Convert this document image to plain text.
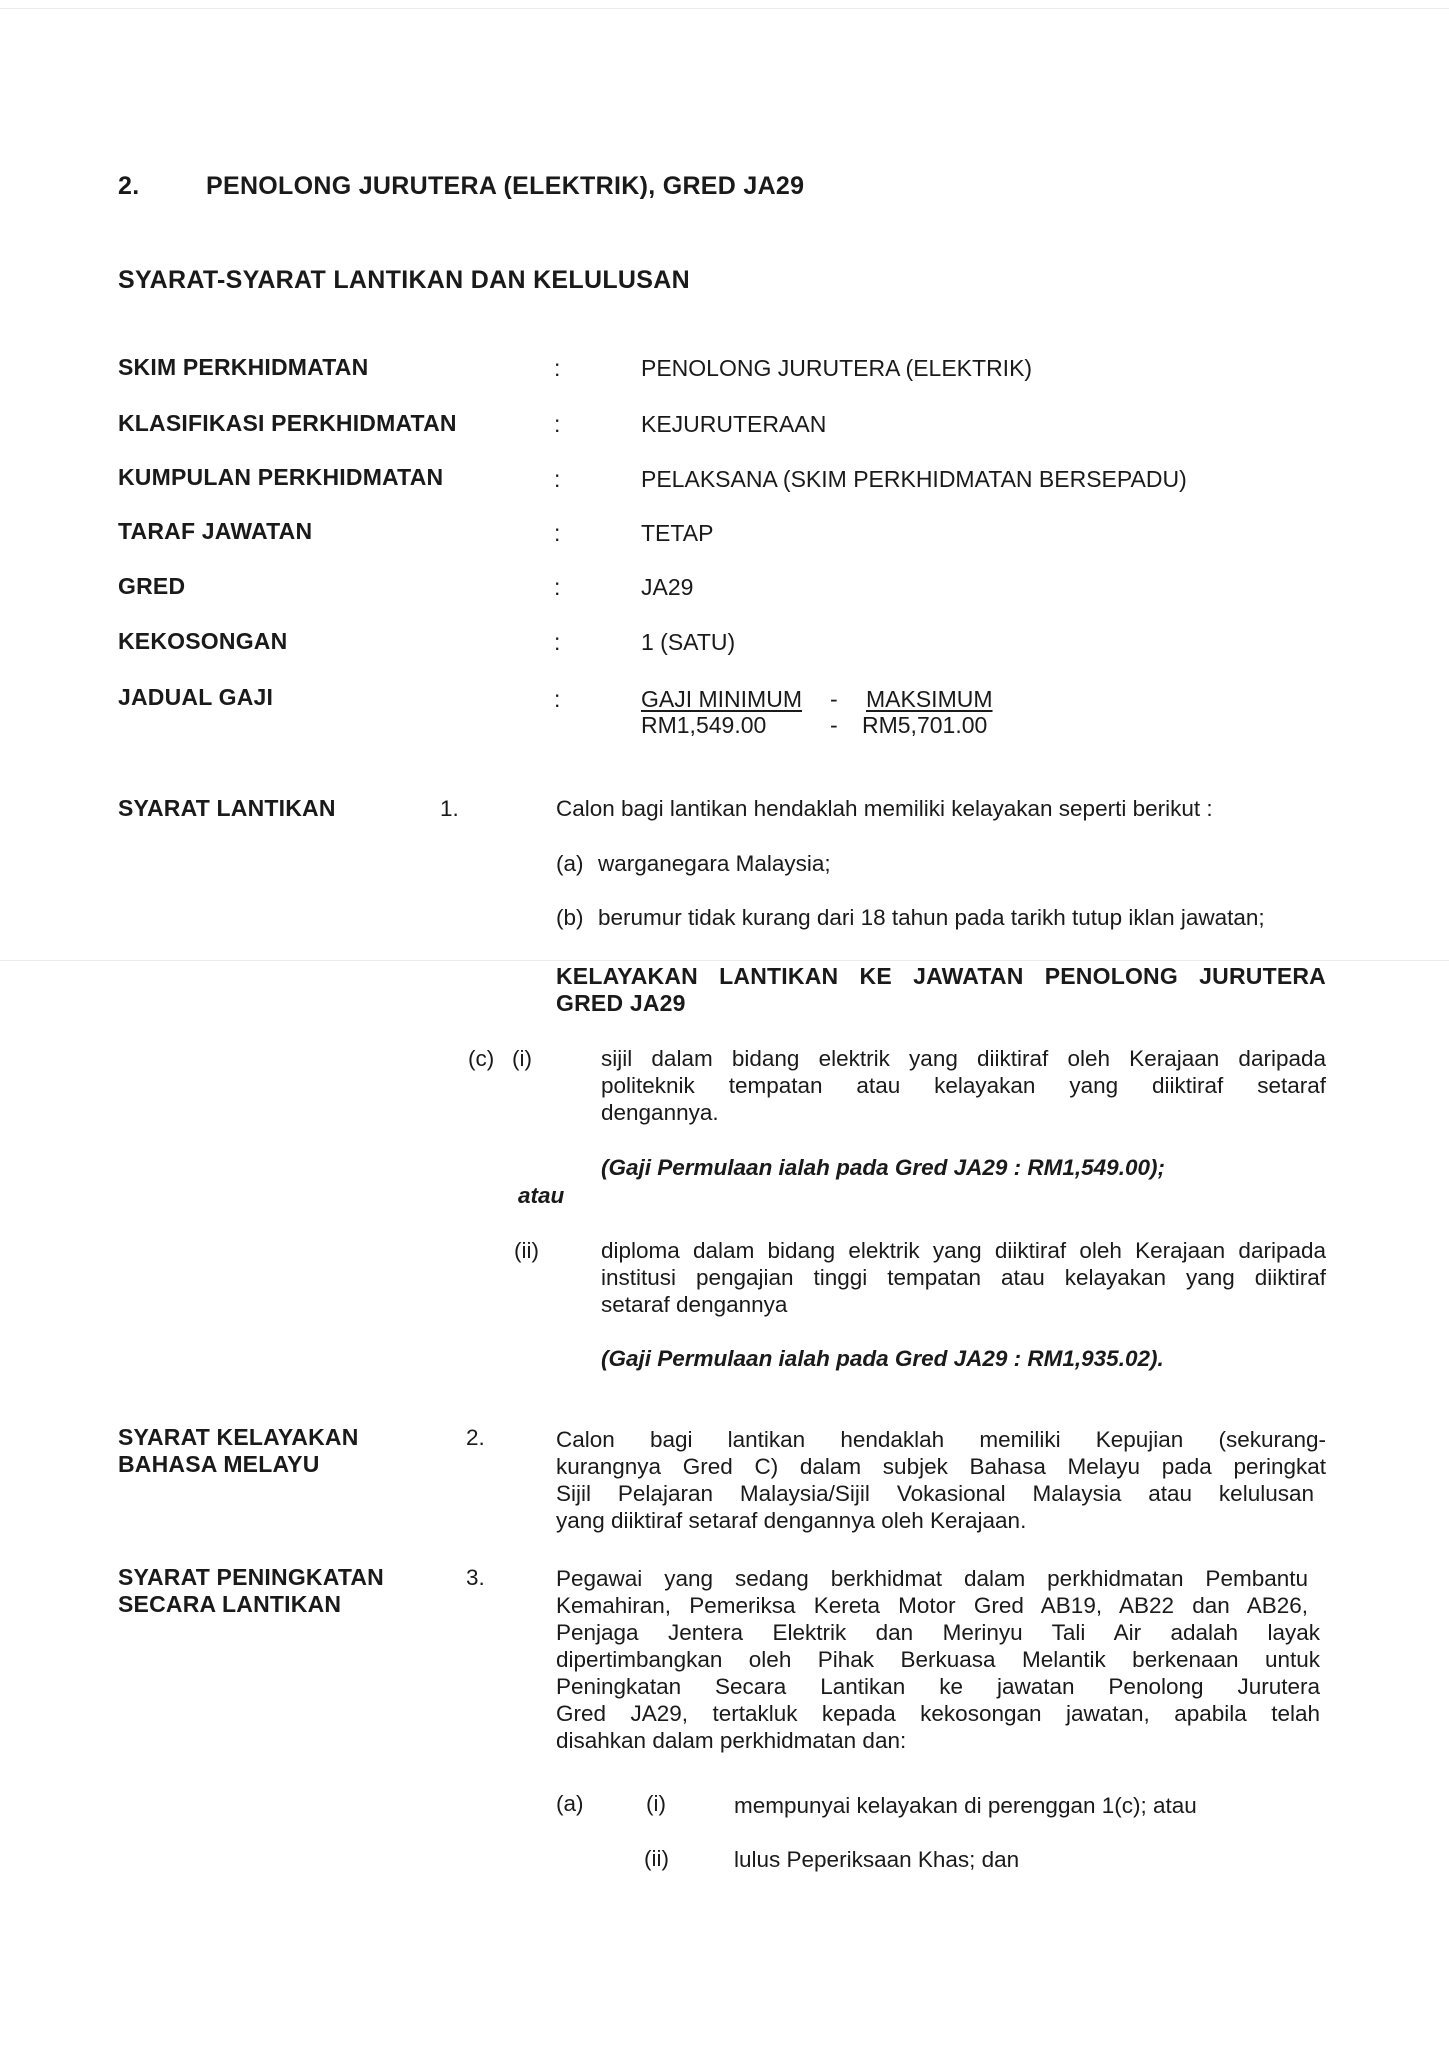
2.	PENOLONG JURUTERA (ELEKTRIK), GRED JA29
SYARAT-SYARAT LANTIKAN DAN KELULUSAN
SKIM PERKHIDMATAN	:	PENOLONG JURUTERA (ELEKTRIK)
KLASIFIKASI PERKHIDMATAN	:	KEJURUTERAAN
KUMPULAN PERKHIDMATAN	:	PELAKSANA (SKIM PERKHIDMATAN BERSEPADU)
TARAF JAWATAN	:	TETAP
GRED	:	JA29
KEKOSONGAN	:	1 (SATU)
JADUAL GAJI	:	GAJI MINIMUM - MAKSIMUM
RM1,549.00	- RM5,701.00
SYARAT LANTIKAN	1.	Calon bagi lantikan hendaklah memiliki kelayakan seperti berikut :
(a) warganegara Malaysia;
(b) berumur tidak kurang dari 18 tahun pada tarikh tutup iklan jawatan;
KELAYAKAN LANTIKAN KE JAWATAN PENOLONG JURUTERA
GRED JA29
(c) (i)	sijil dalam bidang elektrik yang diiktiraf oleh Kerajaan daripada
politeknik tempatan atau kelayakan yang diiktiraf setaraf
dengannya.
(Gaji Permulaan ialah pada Gred JA29 : RM1,549.00);
atau
(ii)	diploma dalam bidang elektrik yang diiktiraf oleh Kerajaan daripada
institusi pengajian tinggi tempatan atau kelayakan yang diiktiraf
setaraf dengannya
(Gaji Permulaan ialah pada Gred JA29 : RM1,935.02).
SYARAT KELAYAKAN
BAHASA MELAYU
2.	Calon bagi lantikan hendaklah memiliki Kepujian (sekurang-
kurangnya Gred C) dalam subjek Bahasa Melayu pada peringkat
Sijil Pelajaran Malaysia/Sijil Vokasional Malaysia atau kelulusan
yang diiktiraf setaraf dengannya oleh Kerajaan.
SYARAT PENINGKATAN
SECARA LANTIKAN
3.	Pegawai yang sedang berkhidmat dalam perkhidmatan Pembantu
Kemahiran, Pemeriksa Kereta Motor Gred AB19, AB22 dan AB26,
Penjaga Jentera Elektrik dan Merinyu Tali Air adalah layak
dipertimbangkan oleh Pihak Berkuasa Melantik berkenaan untuk
Peningkatan Secara Lantikan ke jawatan Penolong Jurutera
Gred JA29, tertakluk kepada kekosongan jawatan, apabila telah
disahkan dalam perkhidmatan dan:
(a)	(i)	mempunyai kelayakan di perenggan 1(c); atau
(ii)	lulus Peperiksaan Khas; dan
